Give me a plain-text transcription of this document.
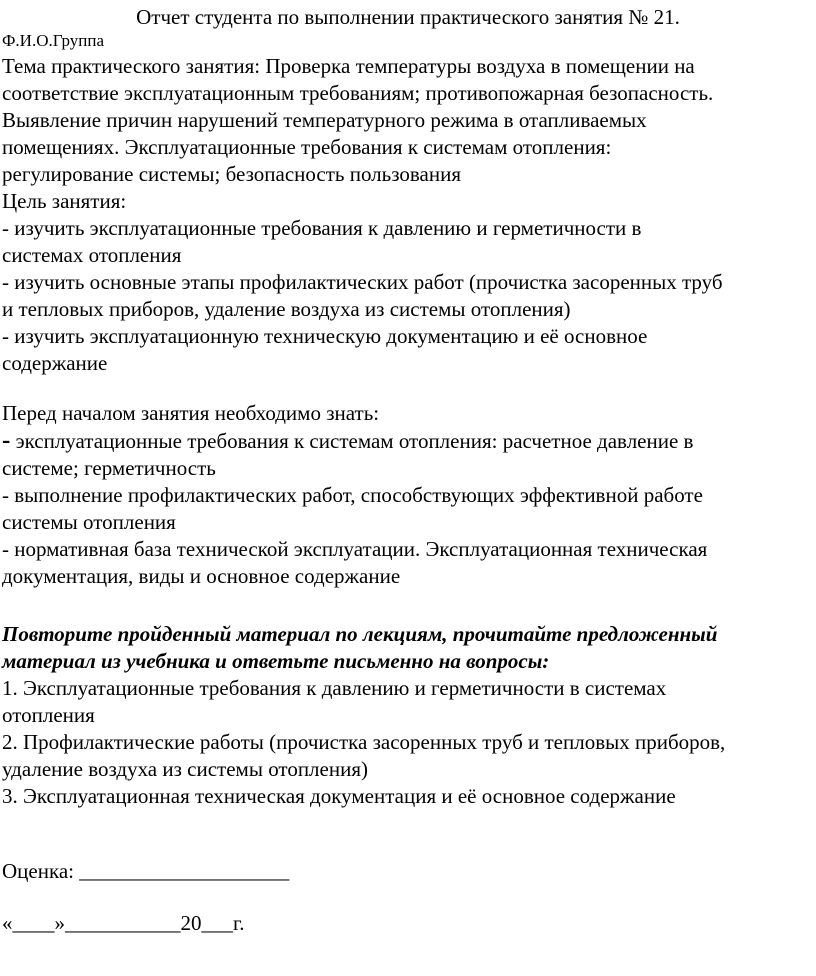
Отчет студента по выполнении практического занятия № 21.
Ф.И.О.Группа
Тема практического занятия: Проверка температуры воздуха в помещении на
соответствие эксплуатационным требованиям; противопожарная безопасность.
Выявление причин нарушений температурного режима в отапливаемых
помещениях. Эксплуатационные требования к системам отопления:
регулирование системы; безопасность пользования
Цель занятия:
- изучить эксплуатационные требования к давлению и герметичности в
системах отопления
- изучить основные этапы профилактических работ (прочистка засоренных труб
и тепловых приборов, удаление воздуха из системы отопления)
- изучить эксплуатационную техническую документацию и её основное
содержание
Перед началом занятия необходимо знать:
- эксплуатационные требования к системам отопления: расчетное давление в
системе; герметичность
- выполнение профилактических работ, способствующих эффективной работе
системы отопления
- нормативная база технической эксплуатации. Эксплуатационная техническая
документация, виды и основное содержание
Повторите пройденный материал по лекциям, прочитайте предложенный
материал из учебника и ответьте письменно на вопросы:
1. Эксплуатационные требования к давлению и герметичности в системах
отопления
2. Профилактические работы (прочистка засоренных труб и тепловых приборов,
удаление воздуха из системы отопления)
3. Эксплуатационная техническая документация и её основное содержание
Оценка: ____________________
«____»___________20___г.
